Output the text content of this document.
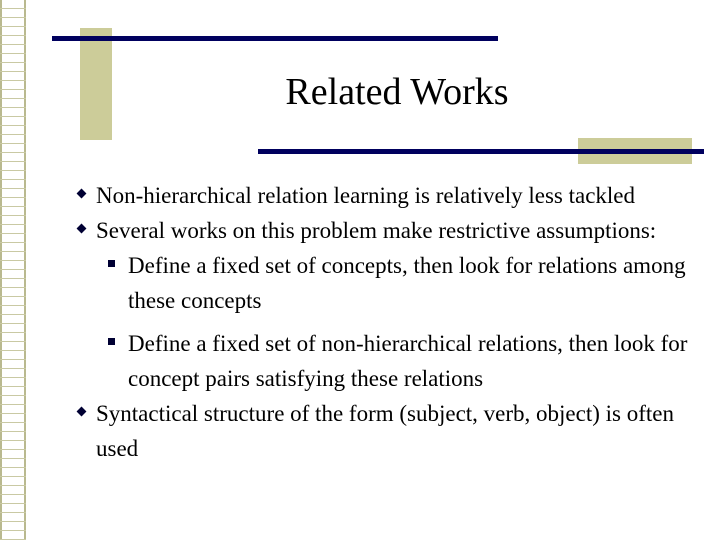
Related Works
Non-hierarchical relation learning is relatively less tackled
Several works on this problem make restrictive assumptions:
Define a fixed set of concepts, then look for relations among these concepts
Define a fixed set of non-hierarchical relations, then look for concept pairs satisfying these relations
Syntactical structure of the form (subject, verb, object) is often used
